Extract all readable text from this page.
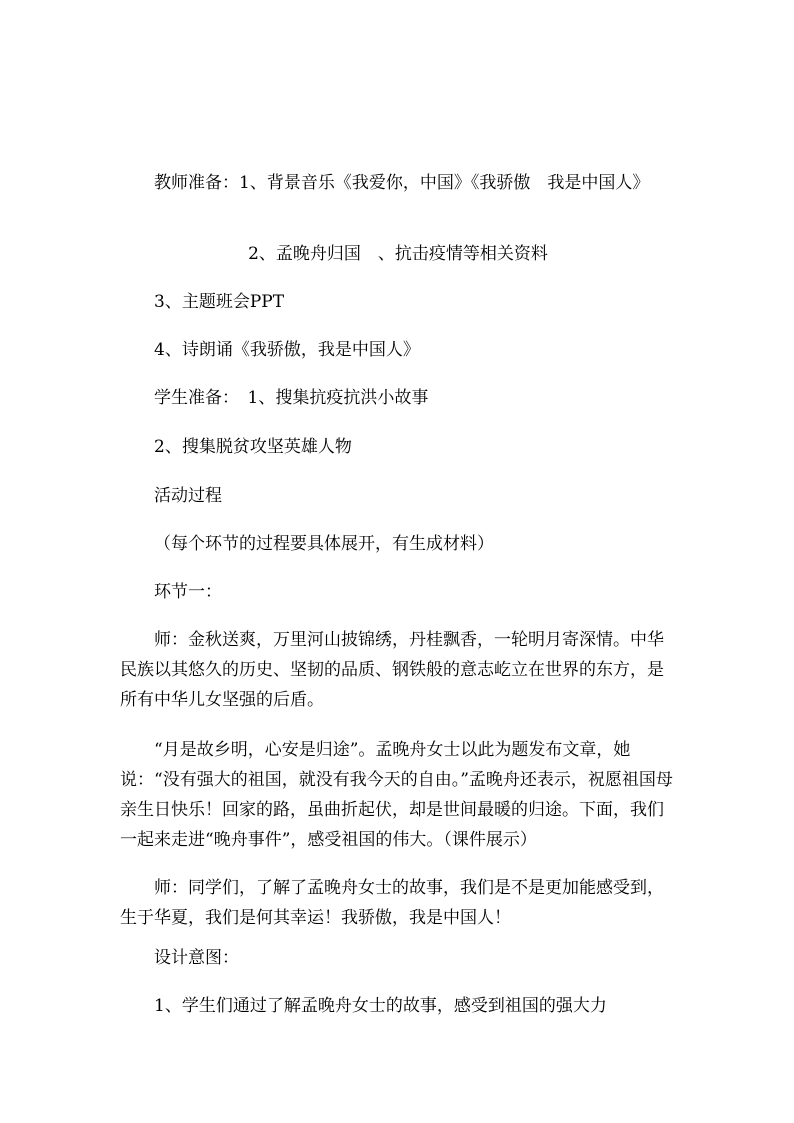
教师准备：1、背景音乐《我爱你，中国》《我骄傲　我是中国人》

2、孟晚舟归国　、抗击疫情等相关资料

3、主题班会PPT

4、诗朗诵《我骄傲，我是中国人》

学生准备：　1、搜集抗疫抗洪小故事

2、搜集脱贫攻坚英雄人物

活动过程

（每个环节的过程要具体展开，有生成材料）

环节一：

师：金秋送爽，万里河山披锦绣，丹桂飘香，一轮明月寄深情。中华民族以其悠久的历史、坚韧的品质、钢铁般的意志屹立在世界的东方，是所有中华儿女坚强的后盾。

“月是故乡明，心安是归途”。孟晚舟女士以此为题发布文章，她说：“没有强大的祖国，就没有我今天的自由。”孟晚舟还表示，祝愿祖国母亲生日快乐！回家的路，虽曲折起伏，却是世间最暖的归途。下面，我们一起来走进“晚舟事件”，感受祖国的伟大。（课件展示）

师：同学们，了解了孟晚舟女士的故事，我们是不是更加能感受到，生于华夏，我们是何其幸运！我骄傲，我是中国人！

设计意图：

1、学生们通过了解孟晚舟女士的故事，感受到祖国的强大力
